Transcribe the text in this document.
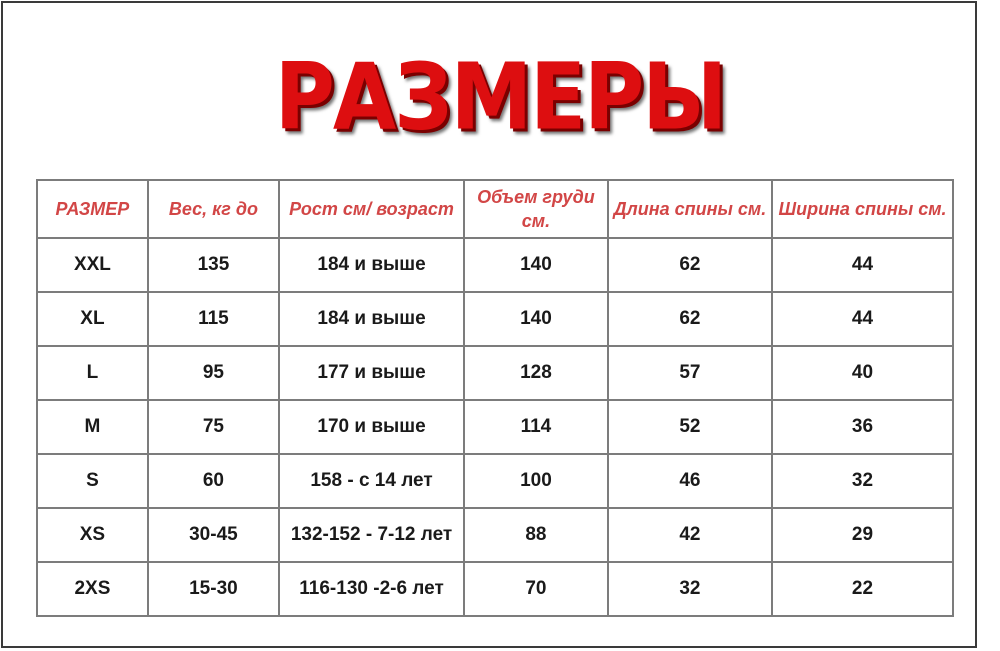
РАЗМЕРЫ
РАЗМЕР	Вес, кг до	Рост см/ возраст	Объем груди см.	Длина спины см.	Ширина спины см.
XXL	135	184 и выше	140	62	44
XL	115	184 и выше	140	62	44
L	95	177 и выше	128	57	40
M	75	170 и выше	114	52	36
S	60	158 - с 14 лет	100	46	32
XS	30-45	132-152 - 7-12 лет	88	42	29
2XS	15-30	116-130 -2-6 лет	70	32	22
